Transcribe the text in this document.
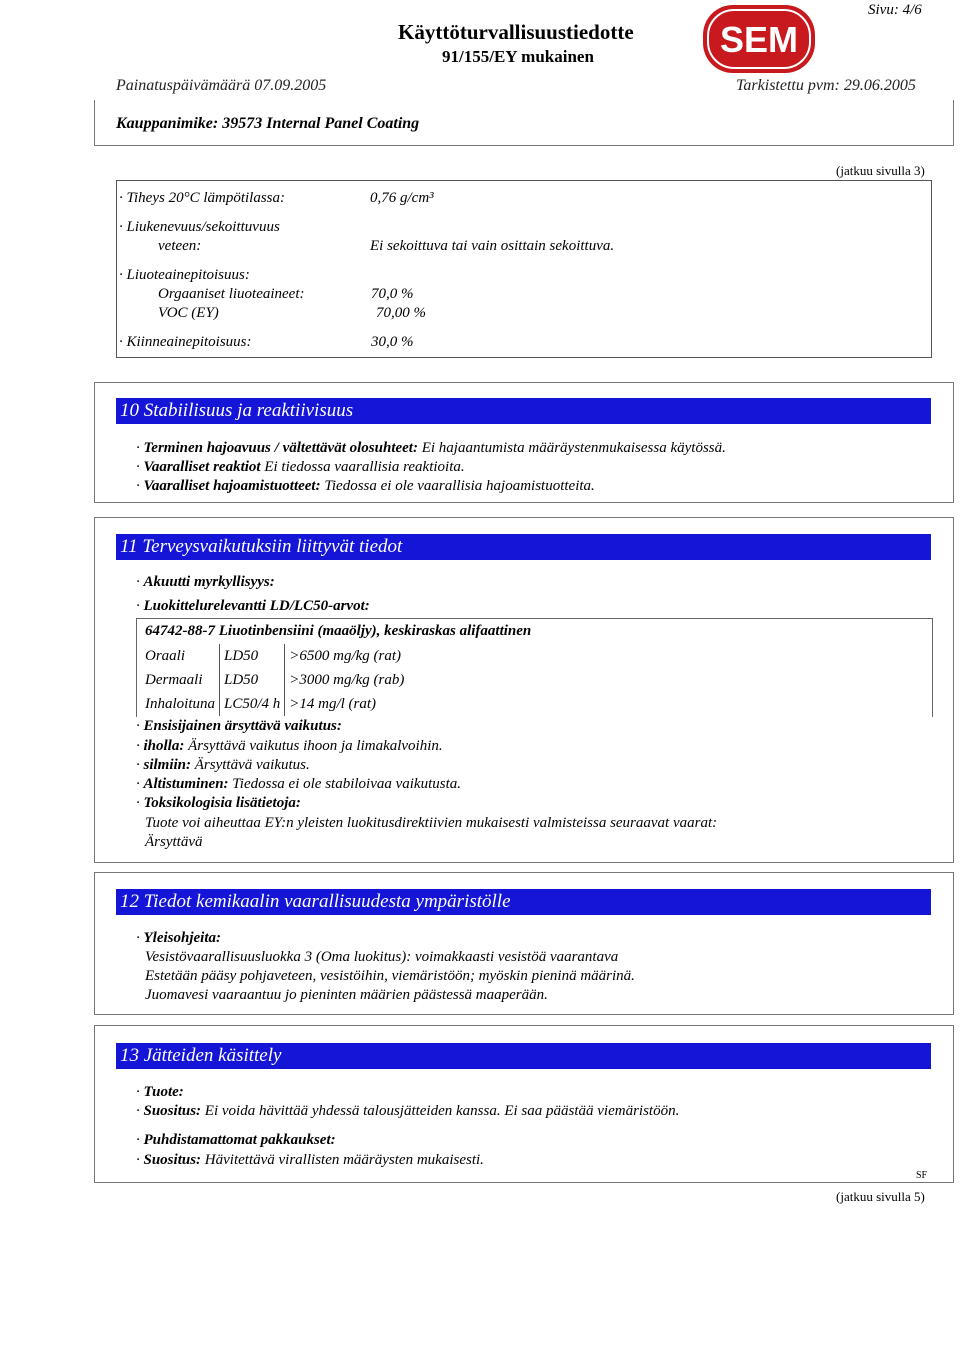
Sivu: 4/6
Käyttöturvallisuustiedotte
91/155/EY mukainen	SEM
Painatuspäivämäärä 07.09.2005	Tarkistettu pvm: 29.06.2005
Kauppanimike: 39573 Internal Panel Coating
(jatkuu sivulla 3)
· Tiheys 20°C lämpötilassa:	0,76 g/cm³
· Liukenevuus/sekoittuvuus
veteen:	Ei sekoittuva tai vain osittain sekoittuva.
· Liuoteainepitoisuus:
Orgaaniset liuoteaineet:	70,0 %
VOC (EY)	70,00 %
· Kiinneainepitoisuus:	30,0 %
10 Stabiilisuus ja reaktiivisuus
· Terminen hajoavuus / vältettävät olosuhteet: Ei hajaantumista määräystenmukaisessa käytössä.
· Vaaralliset reaktiot Ei tiedossa vaarallisia reaktioita.
· Vaaralliset hajoamistuotteet: Tiedossa ei ole vaarallisia hajoamistuotteita.
11 Terveysvaikutuksiin liittyvät tiedot
· Akuutti myrkyllisyys:
· Luokittelurelevantti LD/LC50-arvot:
64742-88-7 Liuotinbensiini (maaöljy), keskiraskas alifaattinen
Oraali	LD50	>6500 mg/kg (rat)
Dermaali	LD50	>3000 mg/kg (rab)
Inhaloituna	LC50/4 h	>14 mg/l (rat)
· Ensisijainen ärsyttävä vaikutus:
· iholla: Ärsyttävä vaikutus ihoon ja limakalvoihin.
· silmiin: Ärsyttävä vaikutus.
· Altistuminen: Tiedossa ei ole stabiloivaa vaikutusta.
· Toksikologisia lisätietoja:
Tuote voi aiheuttaa EY:n yleisten luokitusdirektiivien mukaisesti valmisteissa seuraavat vaarat:
Ärsyttävä
12 Tiedot kemikaalin vaarallisuudesta ympäristölle
· Yleisohjeita:
Vesistövaarallisuusluokka 3 (Oma luokitus): voimakkaasti vesistöä vaarantava
Estetään pääsy pohjaveteen, vesistöihin, viemäristöön; myöskin pieninä määrinä.
Juomavesi vaaraantuu jo pieninten määrien päästessä maaperään.
13 Jätteiden käsittely
· Tuote:
· Suositus: Ei voida hävittää yhdessä talousjätteiden kanssa. Ei saa päästää viemäristöön.
· Puhdistamattomat pakkaukset:
· Suositus: Hävitettävä virallisten määräysten mukaisesti.
SF
(jatkuu sivulla 5)
